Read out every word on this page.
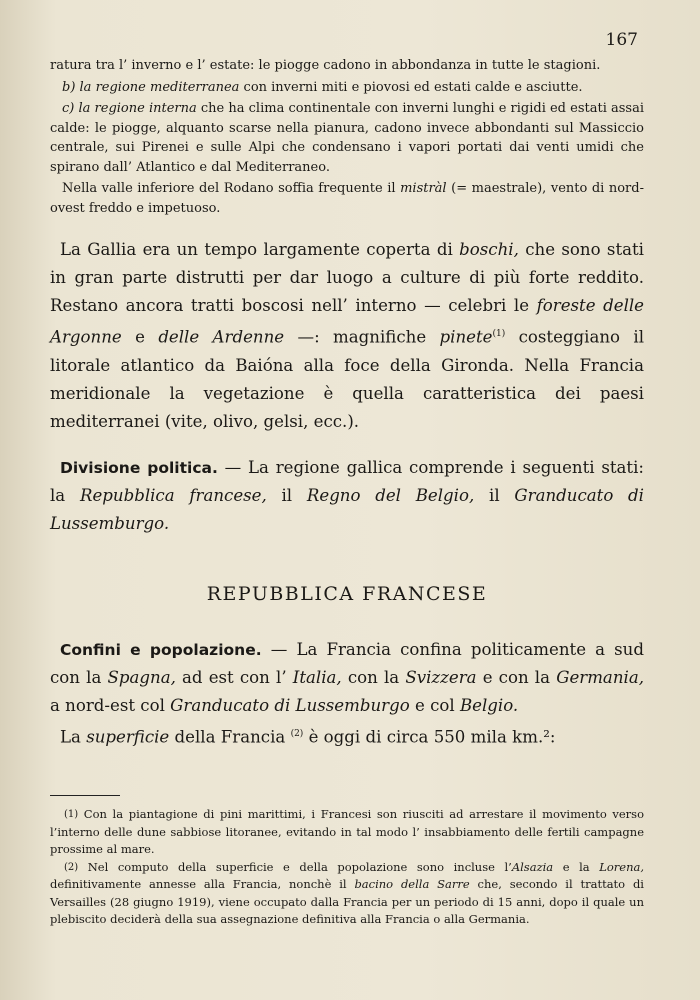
167

ratura tra l’ inverno e l’ estate: le piogge cadono in abbondanza in tutte le stagioni.

b) la regione mediterranea con inverni miti e piovosi ed estati calde e asciutte.

c) la regione interna che ha clima continentale con inverni lunghi e rigidi ed estati assai calde: le piogge, alquanto scarse nella pianura, cadono invece abbondanti sul Massiccio centrale, sui Pirenei e sulle Alpi che condensano i vapori portati dai venti umidi che spirano dall’ Atlantico e dal Mediterraneo.

Nella valle inferiore del Rodano soffia frequente il mistràl (= maestrale), vento di nord-ovest freddo e impetuoso.

La Gallia era un tempo largamente coperta di boschi, che sono stati in gran parte distrutti per dar luogo a culture di più forte reddito. Restano ancora tratti boscosi nell’ interno — celebri le foreste delle Argonne e delle Ardenne —: magnifiche pinete$^{(1)}$ costeggiano il litorale atlantico da Baióna alla foce della Gironda. Nella Francia meridionale la vegetazione è quella caratteristica dei paesi mediterranei (vite, olivo, gelsi, ecc.).

Divisione politica. — La regione gallica comprende i seguenti stati: la Repubblica francese, il Regno del Belgio, il Granducato di Lussemburgo.

REPUBBLICA FRANCESE

Confini e popolazione. — La Francia confina politicamente a sud con la Spagna, ad est con l’ Italia, con la Svizzera e con la Germania, a nord-est col Granducato di Lussemburgo e col Belgio.

La superficie della Francia $^{(2)}$ è oggi di circa 550 mila km.²:

(1) Con la piantagione di pini marittimi, i Francesi son riusciti ad arrestare il movimento verso l’interno delle dune sabbiose litoranee, evitando in tal modo l’ insabbiamento delle fertili campagne prossime al mare.

(2) Nel computo della superficie e della popolazione sono incluse l’Alsazia e la Lorena, definitivamente annesse alla Francia, nonchè il bacino della Sarre che, secondo il trattato di Versailles (28 giugno 1919), viene occupato dalla Francia per un periodo di 15 anni, dopo il quale un plebiscito deciderà della sua assegnazione definitiva alla Francia o alla Germania.
